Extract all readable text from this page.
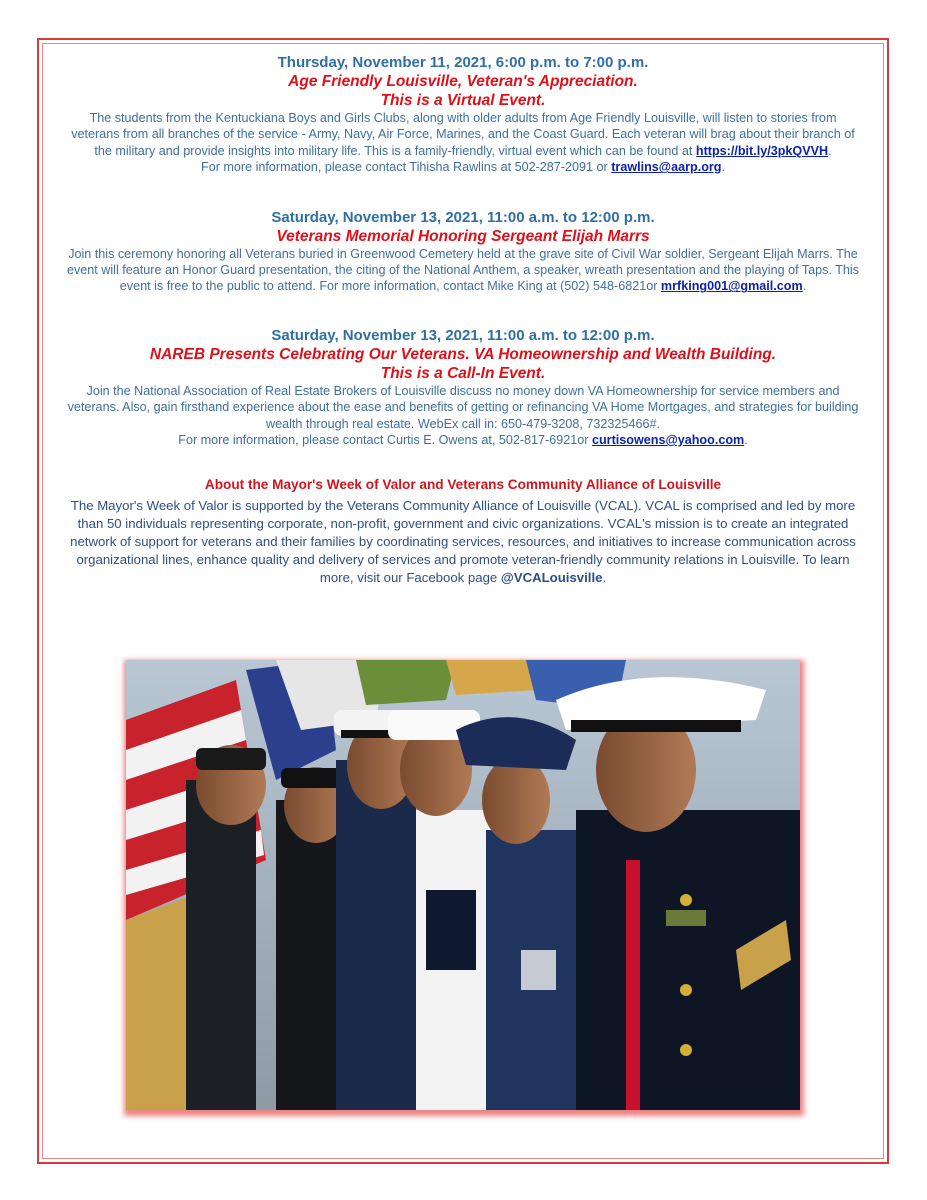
Thursday, November 11, 2021, 6:00 p.m. to 7:00 p.m.

Age Friendly Louisville, Veteran's Appreciation.

This is a Virtual Event.

The students from the Kentuckiana Boys and Girls Clubs, along with older adults from Age Friendly Louisville, will listen to stories from veterans from all branches of the service - Army, Navy, Air Force, Marines, and the Coast Guard. Each veteran will brag about their branch of the military and provide insights into military life. This is a family-friendly, virtual event which can be found at https://bit.ly/3pkQVVH.
For more information, please contact Tihisha Rawlins at 502-287-2091 or trawlins@aarp.org.

Saturday, November 13, 2021, 11:00 a.m. to 12:00 p.m.

Veterans Memorial Honoring Sergeant Elijah Marrs

Join this ceremony honoring all Veterans buried in Greenwood Cemetery held at the grave site of Civil War soldier, Sergeant Elijah Marrs. The event will feature an Honor Guard presentation, the citing of the National Anthem, a speaker, wreath presentation and the playing of Taps. This event is free to the public to attend. For more information, contact Mike King at (502) 548-6821or mrfking001@gmail.com.

Saturday, November 13, 2021, 11:00 a.m. to 12:00 p.m.

NAREB Presents Celebrating Our Veterans. VA Homeownership and Wealth Building.

This is a Call-In Event.

Join the National Association of Real Estate Brokers of Louisville discuss no money down VA Homeownership for service members and veterans. Also, gain firsthand experience about the ease and benefits of getting or refinancing VA Home Mortgages, and strategies for building wealth through real estate. WebEx call in: 650-479-3208, 732325466#.
For more information, please contact Curtis E. Owens at, 502-817-6921or curtisowens@yahoo.com.

About the Mayor's Week of Valor and Veterans Community Alliance of Louisville

The Mayor's Week of Valor is supported by the Veterans Community Alliance of Louisville (VCAL). VCAL is comprised and led by more than 50 individuals representing corporate, non-profit, government and civic organizations. VCAL's mission is to create an integrated network of support for veterans and their families by coordinating services, resources, and initiatives to increase communication across organizational lines, enhance quality and delivery of services and promote veteran-friendly community relations in Louisville. To learn more, visit our Facebook page @VCALouisville.
